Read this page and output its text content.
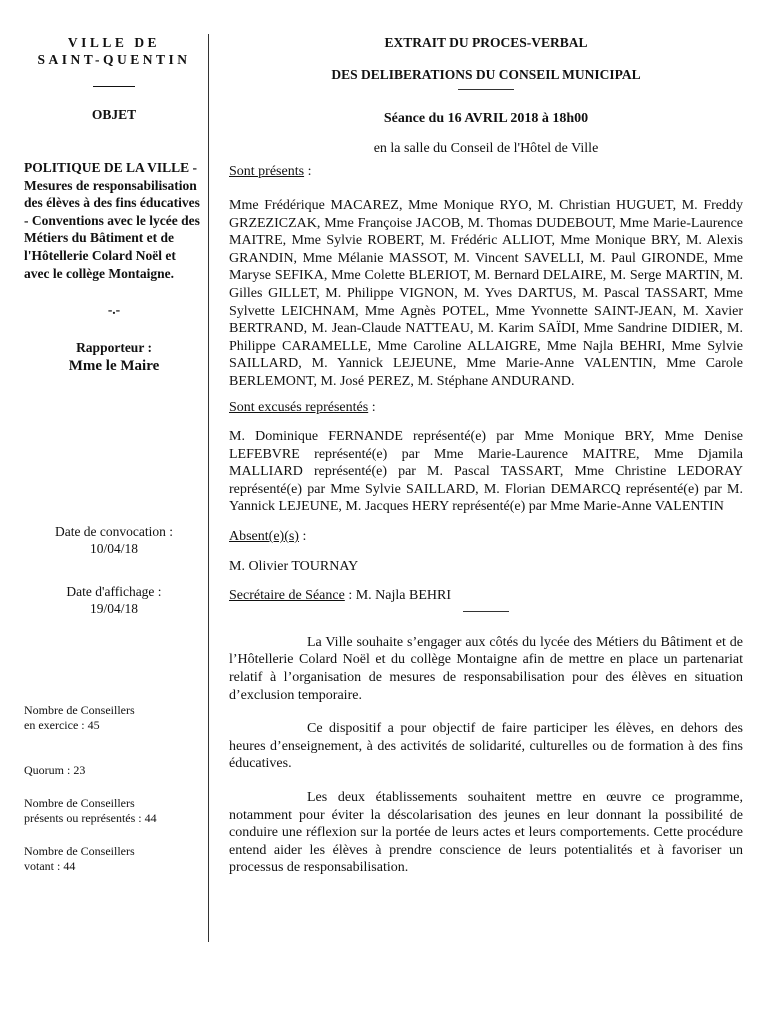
VILLE DE
SAINT-QUENTIN
OBJET
POLITIQUE DE LA VILLE - Mesures de responsabilisation des élèves à des fins éducatives - Conventions avec le lycée des Métiers du Bâtiment et de l'Hôtellerie Colard Noël et avec le collège Montaigne.
-.-
Rapporteur :
Mme le Maire
Date de convocation :
10/04/18
Date d'affichage :
19/04/18
Nombre de Conseillers
en exercice : 45
Quorum : 23
Nombre de Conseillers
présents ou représentés : 44
Nombre de Conseillers
votant : 44
EXTRAIT DU PROCES-VERBAL
DES DELIBERATIONS DU CONSEIL MUNICIPAL
Séance du 16 AVRIL 2018 à 18h00
en la salle du Conseil de l'Hôtel de Ville
Sont présents :
Mme Frédérique MACAREZ, Mme Monique RYO, M. Christian HUGUET, M. Freddy GRZEZICZAK, Mme Françoise JACOB, M. Thomas DUDEBOUT, Mme Marie-Laurence MAITRE, Mme Sylvie ROBERT, M. Frédéric ALLIOT, Mme Monique BRY, M. Alexis GRANDIN, Mme Mélanie MASSOT, M. Vincent SAVELLI, M. Paul GIRONDE, Mme Maryse SEFIKA, Mme Colette BLERIOT, M. Bernard DELAIRE, M. Serge MARTIN, M. Gilles GILLET, M. Philippe VIGNON, M. Yves DARTUS, M. Pascal TASSART, Mme Sylvette LEICHNAM, Mme Agnès POTEL, Mme Yvonnette SAINT-JEAN, M. Xavier BERTRAND, M. Jean-Claude NATTEAU, M. Karim SAÏDI, Mme Sandrine DIDIER, M. Philippe CARAMELLE, Mme Caroline ALLAIGRE, Mme Najla BEHRI, Mme Sylvie SAILLARD, M. Yannick LEJEUNE, Mme Marie-Anne VALENTIN, Mme Carole BERLEMONT, M. José PEREZ, M. Stéphane ANDURAND.
Sont excusés représentés :
M. Dominique FERNANDE représenté(e) par Mme Monique BRY, Mme Denise LEFEBVRE représenté(e) par Mme Marie-Laurence MAITRE, Mme Djamila MALLIARD représenté(e) par M. Pascal TASSART, Mme Christine LEDORAY représenté(e) par Mme Sylvie SAILLARD, M. Florian DEMARCQ représenté(e) par M. Yannick LEJEUNE, M. Jacques HERY représenté(e) par Mme Marie-Anne VALENTIN
Absent(e)(s) :
M. Olivier TOURNAY
Secrétaire de Séance : M. Najla BEHRI
La Ville souhaite s’engager aux côtés du lycée des Métiers du Bâtiment et de l’Hôtellerie Colard Noël et du collège Montaigne afin de mettre en place un partenariat relatif à l’organisation de mesures de responsabilisation pour des élèves en situation d’exclusion temporaire.
Ce dispositif a pour objectif de faire participer les élèves, en dehors des heures d’enseignement, à des activités de solidarité, culturelles ou de formation à des fins éducatives.
Les deux établissements souhaitent mettre en œuvre ce programme, notamment pour éviter la déscolarisation des jeunes en leur donnant la possibilité de conduire une réflexion sur la portée de leurs actes et leurs comportements. Cette procédure entend aider les élèves à prendre conscience de leurs potentialités et à favoriser un processus de responsabilisation.
